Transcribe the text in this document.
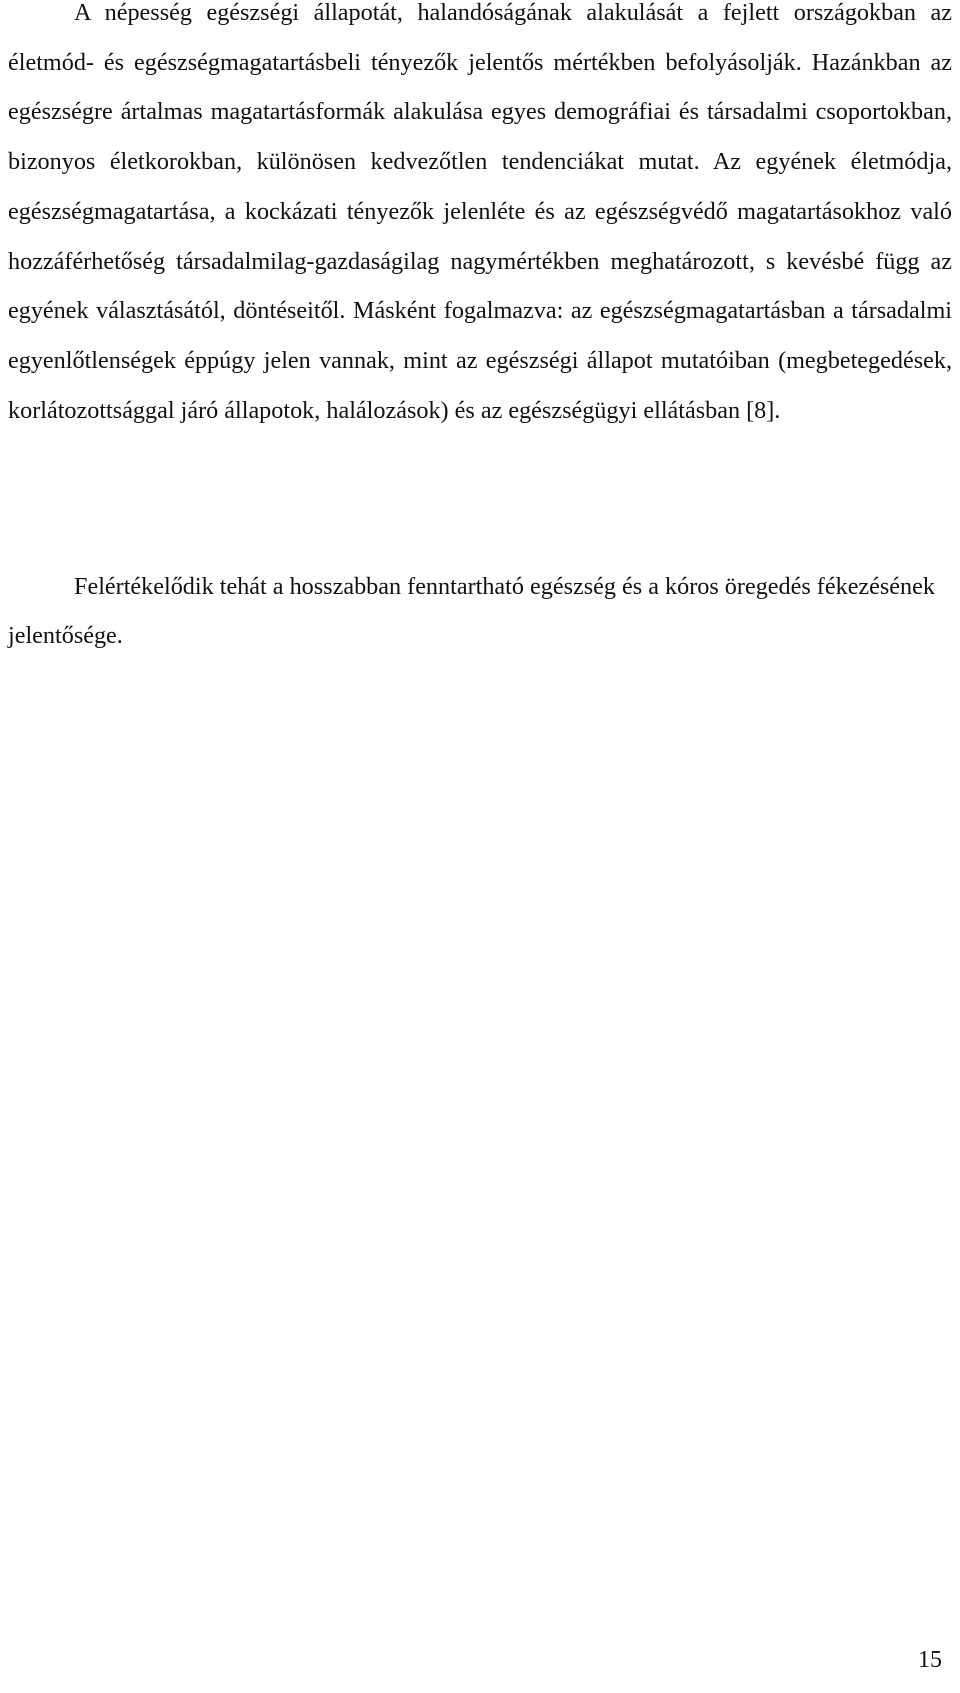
A népesség egészségi állapotát, halandóságának alakulását a fejlett országokban az életmód- és egészségmagatartásbeli tényezők jelentős mértékben befolyásolják. Hazánkban az egészségre ártalmas magatartásformák alakulása egyes demográfiai és társadalmi csoportokban, bizonyos életkorokban, különösen kedvezőtlen tendenciákat mutat. Az egyének életmódja, egészségmagatartása, a kockázati tényezők jelenléte és az egészségvédő magatartásokhoz való hozzáférhetőség társadalmilag-gazdaságilag nagymértékben meghatározott, s kevésbé függ az egyének választásától, döntéseitől. Másként fogalmazva: az egészségmagatartásban a társadalmi egyenlőtlenségek éppúgy jelen vannak, mint az egészségi állapot mutatóiban (megbetegedések, korlátozottsággal járó állapotok, halálozások) és az egészségügyi ellátásban [8].

Felértékelődik tehát a hosszabban fenntartható egészség és a kóros öregedés fékezésének jelentősége.

15
